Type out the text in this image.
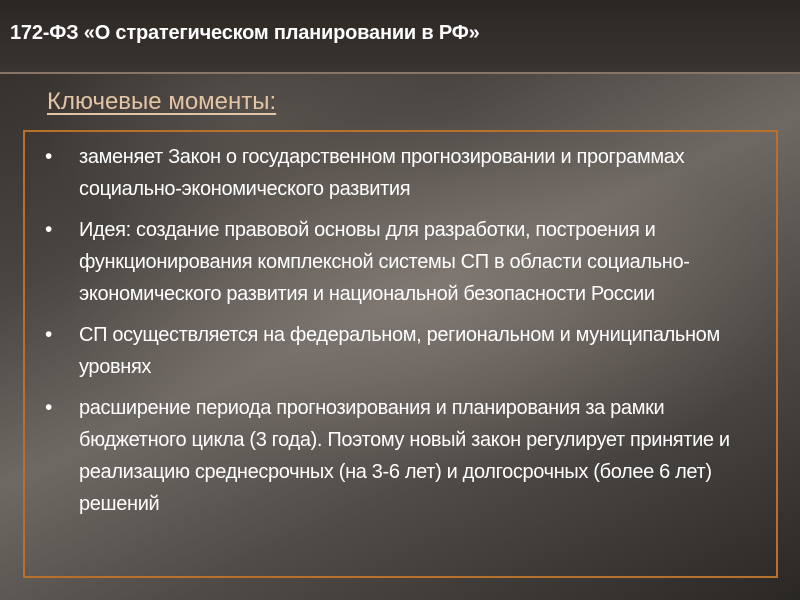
172-ФЗ «О стратегическом планировании в РФ»
Ключевые моменты:
•	заменяет Закон о государственном прогнозировании и программах социально-экономического развития
•	Идея: создание правовой основы для разработки, построения и функционирования комплексной системы СП в области социально-экономического развития и национальной безопасности России
•	СП осуществляется на федеральном, региональном и муниципальном уровнях
•	расширение периода прогнозирования и планирования за рамки бюджетного цикла (3 года). Поэтому новый закон регулирует принятие и реализацию среднесрочных (на 3-6 лет) и долгосрочных (более 6 лет) решений
